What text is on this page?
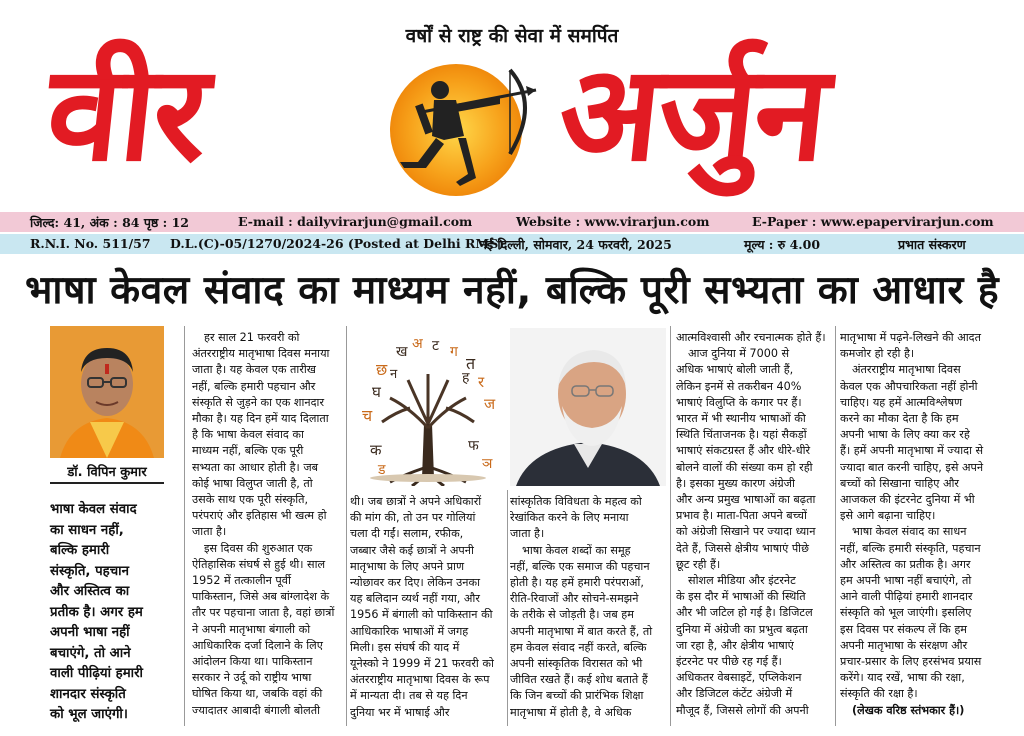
वर्षों से राष्ट्र की सेवा में समर्पित
वीर	अर्जुन
जिल्द: 41, अंक : 84 पृष्ठ : 12	E-mail : dailyvirarjun@gmail.com	Website : www.virarjun.com	E-Paper : www.epapervirarjun.com
R.N.I. No. 511/57 D.L.(C)-05/1270/2024-26 (Posted at Delhi RMS)
नई दिल्ली, सोमवार, 24 फरवरी, 2025	मूल्य : रु 4.00	प्रभात संस्करण
भाषा केवल संवाद का माध्यम नहीं, बल्कि पूरी सभ्यता का आधार है
डॉ. विपिन कुमार

भाषा केवल संवाद

का साधन नहीं,

बल्कि हमारी

संस्कृति, पहचान

और अस्तित्व का

प्रतीक है। अगर हम

अपनी भाषा नहीं

बचाएंगे, तो आने

वाली पीढ़ियां हमारी

शानदार संस्कृति

को भूल जाएंगी।

छ
ख अ ट ग
त
र
ह
ज
घ
च
न
क	फ
ञ
ड

हर साल 21 फरवरी को

अंतरराष्ट्रीय मातृभाषा दिवस मनाया

जाता है। यह केवल एक तारीख

नहीं, बल्कि हमारी पहचान और

संस्कृति से जुड़ने का एक शानदार

मौका है। यह दिन हमें याद दिलाता

है कि भाषा केवल संवाद का

माध्यम नहीं, बल्कि एक पूरी

सभ्यता का आधार होती है। जब

कोई भाषा विलुप्त जाती है, तो

उसके साथ एक पूरी संस्कृति,

परंपराएं और इतिहास भी खत्म हो

जाता है।

इस दिवस की शुरुआत एक

ऐतिहासिक संघर्ष से हुई थी। साल

1952 में तत्कालीन पूर्वी

पाकिस्तान, जिसे अब बांग्लादेश के

तौर पर पहचाना जाता है, वहां छात्रों

ने अपनी मातृभाषा बंगाली को

आधिकारिक दर्जा दिलाने के लिए

आंदोलन किया था। पाकिस्तान

सरकार ने उर्दू को राष्ट्रीय भाषा

घोषित किया था, जबकि वहां की

ज्यादातर आबादी बंगाली बोलती

थी। जब छात्रों ने अपने अधिकारों

की मांग की, तो उन पर गोलियां

चला दी गईं। सलाम, रफीक,

जब्बार जैसे कई छात्रों ने अपनी

मातृभाषा के लिए अपने प्राण

न्योछावर कर दिए। लेकिन उनका

यह बलिदान व्यर्थ नहीं गया, और

1956 में बंगाली को पाकिस्तान की

आधिकारिक भाषाओं में जगह

मिली। इस संघर्ष की याद में

यूनेस्को ने 1999 में 21 फरवरी को

अंतरराष्ट्रीय मातृभाषा दिवस के रूप

में मान्यता दी। तब से यह दिन

दुनिया भर में भाषाई और

सांस्कृतिक विविधता के महत्व को

रेखांकित करने के लिए मनाया

जाता है।

भाषा केवल शब्दों का समूह

नहीं, बल्कि एक समाज की पहचान

होती है। यह हमें हमारी परंपराओं,

रीति-रिवाजों और सोचने-समझने

के तरीके से जोड़ती है। जब हम

अपनी मातृभाषा में बात करते हैं, तो

हम केवल संवाद नहीं करते, बल्कि

अपनी सांस्कृतिक विरासत को भी

जीवित रखते हैं। कई शोध बताते हैं

कि जिन बच्चों की प्रारंभिक शिक्षा

मातृभाषा में होती है, वे अधिक

आत्मविश्वासी और रचनात्मक होते हैं।

आज दुनिया में 7000 से

अधिक भाषाएं बोली जाती हैं,

लेकिन इनमें से तकरीबन 40%

भाषाएं विलुप्ति के कगार पर हैं।

भारत में भी स्थानीय भाषाओं की

स्थिति चिंताजनक है। यहां सैकड़ों

भाषाएं संकटग्रस्त हैं और धीरे-धीरे

बोलने वालों की संख्या कम हो रही

है। इसका मुख्य कारण अंग्रेजी

और अन्य प्रमुख भाषाओं का बढ़ता

प्रभाव है। माता-पिता अपने बच्चों

को अंग्रेजी सिखाने पर ज्यादा ध्यान

देते हैं, जिससे क्षेत्रीय भाषाएं पीछे

छूट रही हैं।

सोशल मीडिया और इंटरनेट

के इस दौर में भाषाओं की स्थिति

और भी जटिल हो गई है। डिजिटल

दुनिया में अंग्रेजी का प्रभुत्व बढ़ता

जा रहा है, और क्षेत्रीय भाषाएं

इंटरनेट पर पीछे रह गई हैं।

अधिकतर वेबसाइटें, एप्लिकेशन

और डिजिटल कंटेंट अंग्रेजी में

मौजूद हैं, जिससे लोगों की अपनी

मातृभाषा में पढ़ने-लिखने की आदत

कमजोर हो रही है।

अंतरराष्ट्रीय मातृभाषा दिवस

केवल एक औपचारिकता नहीं होनी

चाहिए। यह हमें आत्मविश्लेषण

करने का मौका देता है कि हम

अपनी भाषा के लिए क्या कर रहे

हैं। हमें अपनी मातृभाषा में ज्यादा से

ज्यादा बात करनी चाहिए, इसे अपने

बच्चों को सिखाना चाहिए और

आजकल की इंटरनेट दुनिया में भी

इसे आगे बढ़ाना चाहिए।

भाषा केवल संवाद का साधन

नहीं, बल्कि हमारी संस्कृति, पहचान

और अस्तित्व का प्रतीक है। अगर

हम अपनी भाषा नहीं बचाएंगे, तो

आने वाली पीढ़ियां हमारी शानदार

संस्कृति को भूल जाएंगी। इसलिए

इस दिवस पर संकल्प लें कि हम

अपनी मातृभाषा के संरक्षण और

प्रचार-प्रसार के लिए हरसंभव प्रयास

करेंगे। याद रखें, भाषा की रक्षा,

संस्कृति की रक्षा है।

(लेखक वरिष्ठ स्तंभकार हैं।)
